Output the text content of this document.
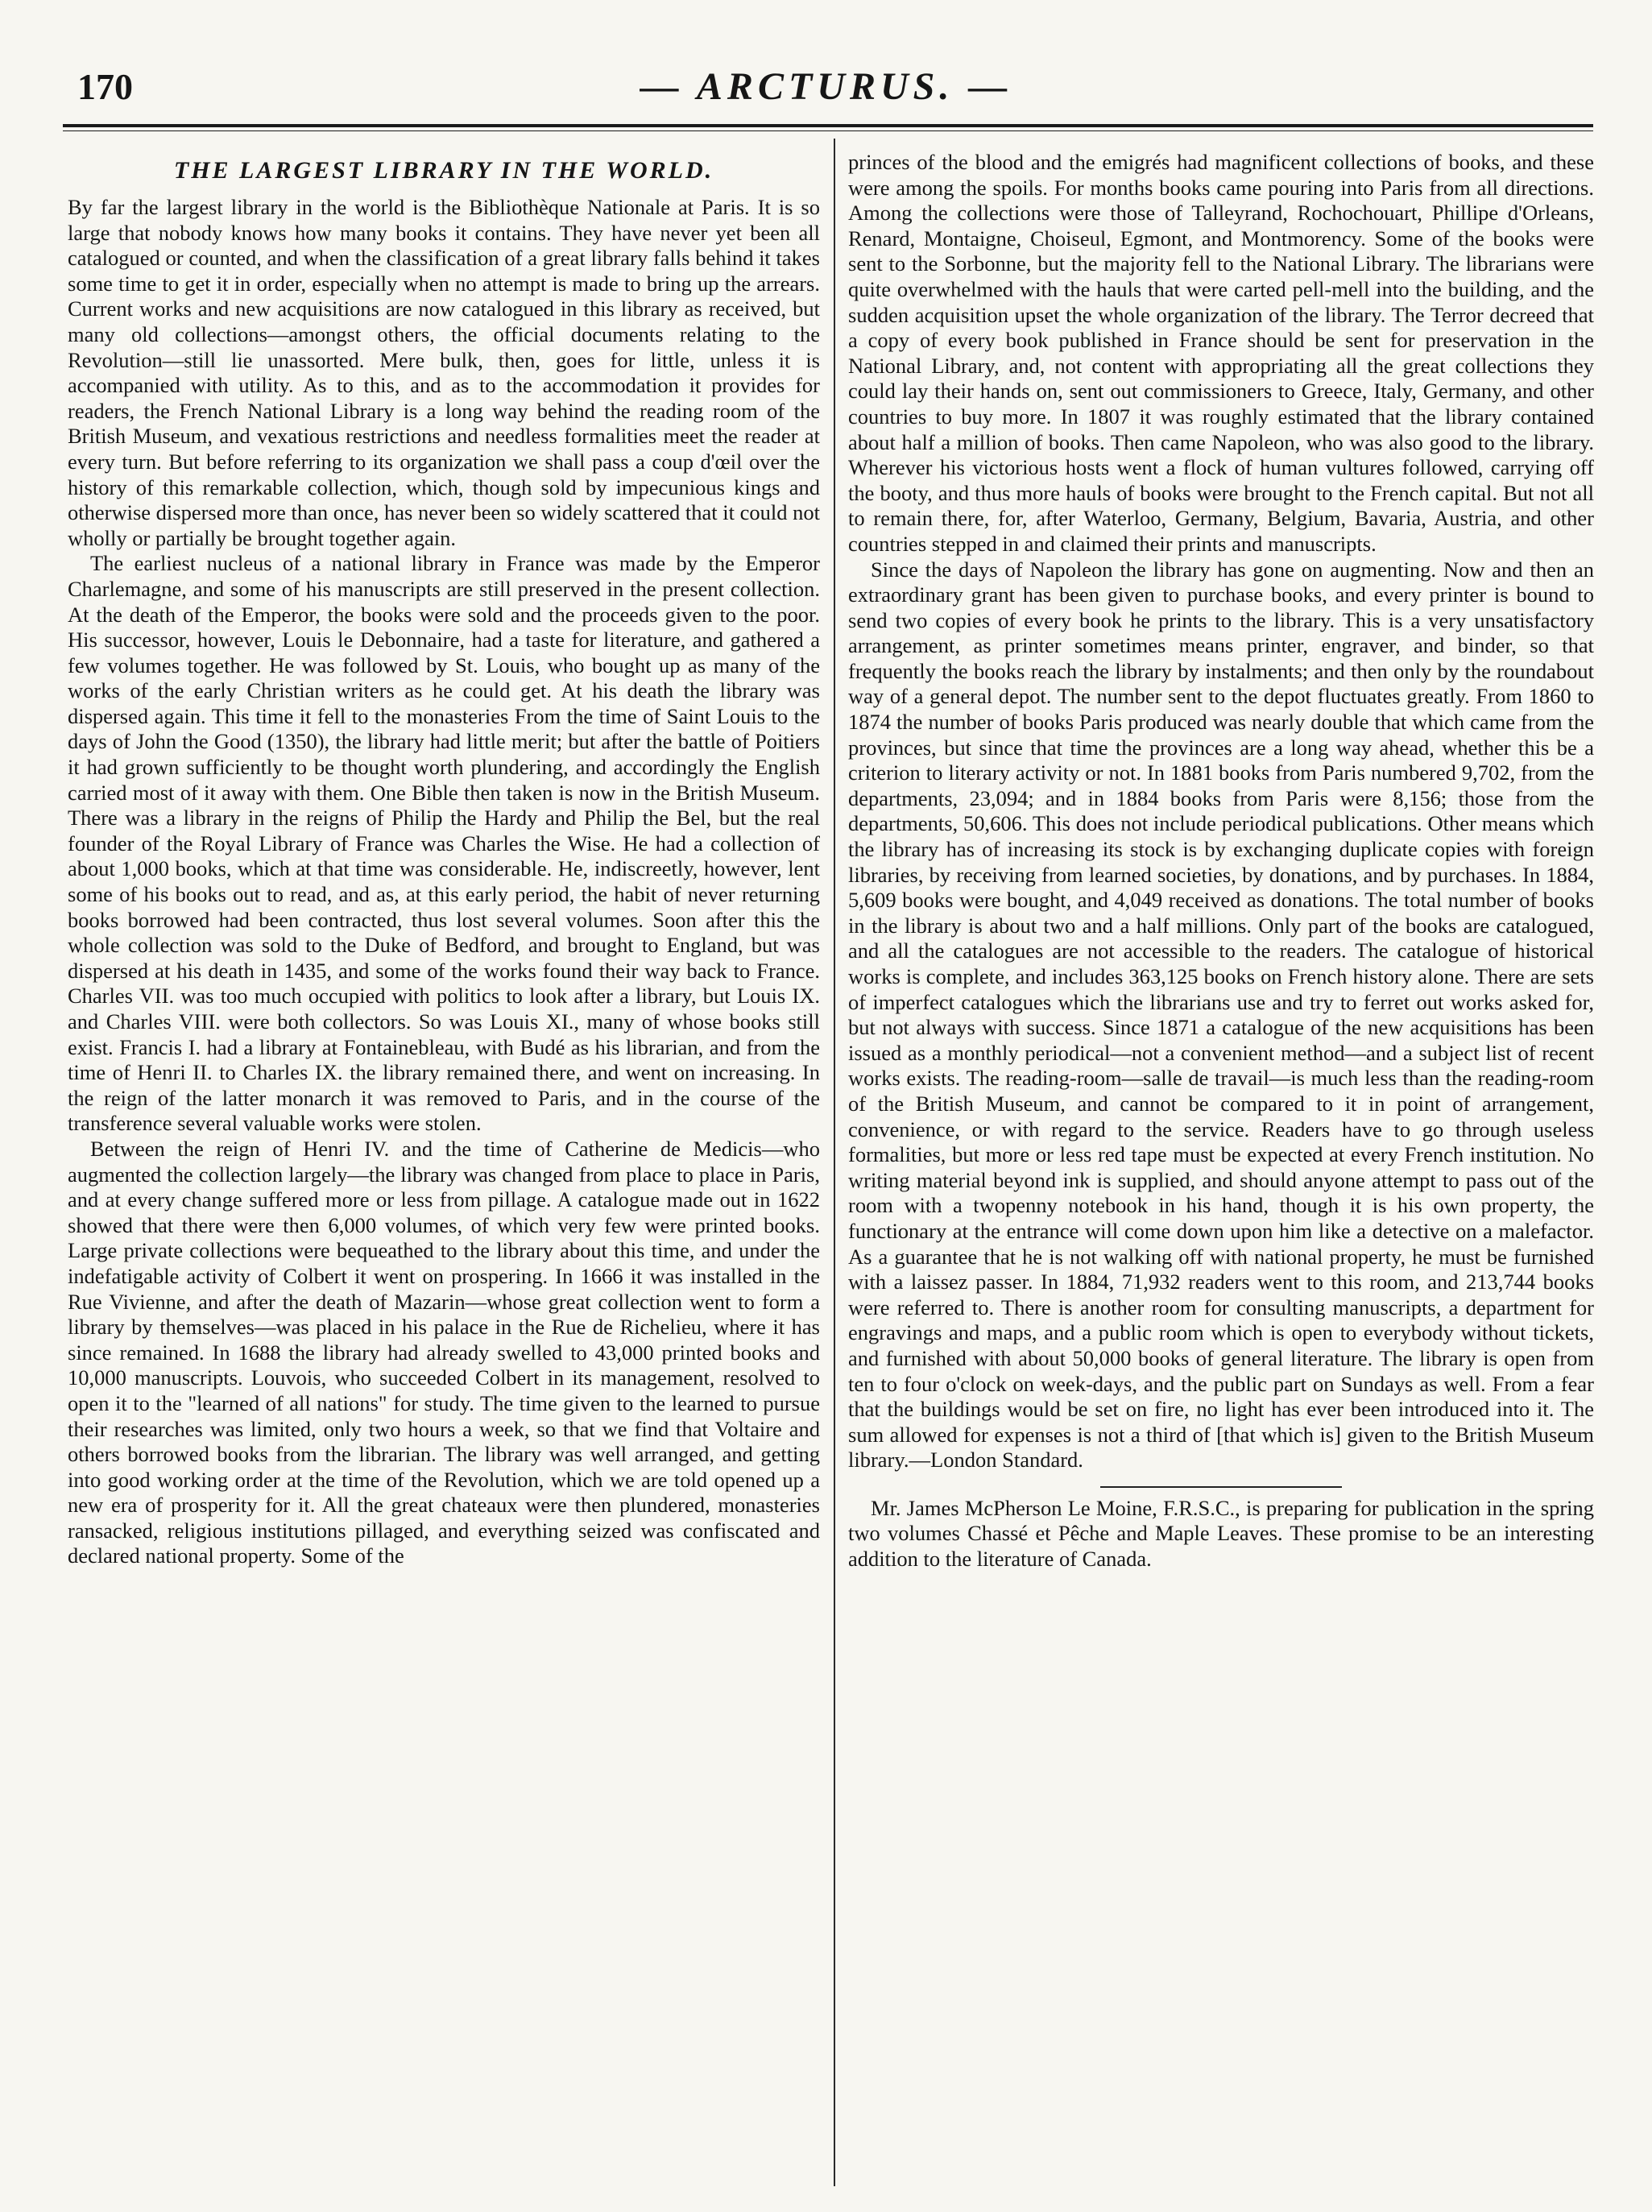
170	— ARCTURUS. —
THE LARGEST LIBRARY IN THE WORLD.

By far the largest library in the world is the Bibliothèque Nationale at Paris. It is so large that nobody knows how many books it contains. They have never yet been all catalogued or counted, and when the classification of a great library falls behind it takes some time to get it in order, especially when no attempt is made to bring up the arrears. Current works and new acquisitions are now catalogued in this library as received, but many old collections—amongst others, the official documents relating to the Revolution—still lie unassorted. Mere bulk, then, goes for little, unless it is accompanied with utility. As to this, and as to the accommodation it provides for readers, the French National Library is a long way behind the reading room of the British Museum, and vexatious restrictions and needless formalities meet the reader at every turn. But before referring to its organization we shall pass a coup d'œil over the history of this remarkable collection, which, though sold by impecunious kings and otherwise dispersed more than once, has never been so widely scattered that it could not wholly or partially be brought together again.

The earliest nucleus of a national library in France was made by the Emperor Charlemagne, and some of his manuscripts are still preserved in the present collection. At the death of the Emperor, the books were sold and the proceeds given to the poor. His successor, however, Louis le Debonnaire, had a taste for literature, and gathered a few volumes together. He was followed by St. Louis, who bought up as many of the works of the early Christian writers as he could get. At his death the library was dispersed again. This time it fell to the monasteries From the time of Saint Louis to the days of John the Good (1350), the library had little merit; but after the battle of Poitiers it had grown sufficiently to be thought worth plundering, and accordingly the English carried most of it away with them. One Bible then taken is now in the British Museum. There was a library in the reigns of Philip the Hardy and Philip the Bel, but the real founder of the Royal Library of France was Charles the Wise. He had a collection of about 1,000 books, which at that time was considerable. He, indiscreetly, however, lent some of his books out to read, and as, at this early period, the habit of never returning books borrowed had been contracted, thus lost several volumes. Soon after this the whole collection was sold to the Duke of Bedford, and brought to England, but was dispersed at his death in 1435, and some of the works found their way back to France. Charles VII. was too much occupied with politics to look after a library, but Louis IX. and Charles VIII. were both collectors. So was Louis XI., many of whose books still exist. Francis I. had a library at Fontainebleau, with Budé as his librarian, and from the time of Henri II. to Charles IX. the library remained there, and went on increasing. In the reign of the latter monarch it was removed to Paris, and in the course of the transference several valuable works were stolen.

Between the reign of Henri IV. and the time of Catherine de Medicis—who augmented the collection largely—the library was changed from place to place in Paris, and at every change suffered more or less from pillage. A catalogue made out in 1622 showed that there were then 6,000 volumes, of which very few were printed books. Large private collections were bequeathed to the library about this time, and under the indefatigable activity of Colbert it went on prospering. In 1666 it was installed in the Rue Vivienne, and after the death of Mazarin—whose great collection went to form a library by themselves—was placed in his palace in the Rue de Richelieu, where it has since remained. In 1688 the library had already swelled to 43,000 printed books and 10,000 manuscripts. Louvois, who succeeded Colbert in its management, resolved to open it to the "learned of all nations" for study. The time given to the learned to pursue their researches was limited, only two hours a week, so that we find that Voltaire and others borrowed books from the librarian. The library was well arranged, and getting into good working order at the time of the Revolution, which we are told opened up a new era of prosperity for it. All the great chateaux were then plundered, monasteries ransacked, religious institutions pillaged, and everything seized was confiscated and declared national property. Some of the

princes of the blood and the emigrés had magnificent collections of books, and these were among the spoils. For months books came pouring into Paris from all directions. Among the collections were those of Talleyrand, Rochochouart, Phillipe d'Orleans, Renard, Montaigne, Choiseul, Egmont, and Montmorency. Some of the books were sent to the Sorbonne, but the majority fell to the National Library. The librarians were quite overwhelmed with the hauls that were carted pell-mell into the building, and the sudden acquisition upset the whole organization of the library. The Terror decreed that a copy of every book published in France should be sent for preservation in the National Library, and, not content with appropriating all the great collections they could lay their hands on, sent out commissioners to Greece, Italy, Germany, and other countries to buy more. In 1807 it was roughly estimated that the library contained about half a million of books. Then came Napoleon, who was also good to the library. Wherever his victorious hosts went a flock of human vultures followed, carrying off the booty, and thus more hauls of books were brought to the French capital. But not all to remain there, for, after Waterloo, Germany, Belgium, Bavaria, Austria, and other countries stepped in and claimed their prints and manuscripts.

Since the days of Napoleon the library has gone on augmenting. Now and then an extraordinary grant has been given to purchase books, and every printer is bound to send two copies of every book he prints to the library. This is a very unsatisfactory arrangement, as printer sometimes means printer, engraver, and binder, so that frequently the books reach the library by instalments; and then only by the roundabout way of a general depot. The number sent to the depot fluctuates greatly. From 1860 to 1874 the number of books Paris produced was nearly double that which came from the provinces, but since that time the provinces are a long way ahead, whether this be a criterion to literary activity or not. In 1881 books from Paris numbered 9,702, from the departments, 23,094; and in 1884 books from Paris were 8,156; those from the departments, 50,606. This does not include periodical publications. Other means which the library has of increasing its stock is by exchanging duplicate copies with foreign libraries, by receiving from learned societies, by donations, and by purchases. In 1884, 5,609 books were bought, and 4,049 received as donations. The total number of books in the library is about two and a half millions. Only part of the books are catalogued, and all the catalogues are not accessible to the readers. The catalogue of historical works is complete, and includes 363,125 books on French history alone. There are sets of imperfect catalogues which the librarians use and try to ferret out works asked for, but not always with success. Since 1871 a catalogue of the new acquisitions has been issued as a monthly periodical—not a convenient method—and a subject list of recent works exists. The reading-room—salle de travail—is much less than the reading-room of the British Museum, and cannot be compared to it in point of arrangement, convenience, or with regard to the service. Readers have to go through useless formalities, but more or less red tape must be expected at every French institution. No writing material beyond ink is supplied, and should anyone attempt to pass out of the room with a twopenny notebook in his hand, though it is his own property, the functionary at the entrance will come down upon him like a detective on a malefactor. As a guarantee that he is not walking off with national property, he must be furnished with a laissez passer. In 1884, 71,932 readers went to this room, and 213,744 books were referred to. There is another room for consulting manuscripts, a department for engravings and maps, and a public room which is open to everybody without tickets, and furnished with about 50,000 books of general literature. The library is open from ten to four o'clock on week-days, and the public part on Sundays as well. From a fear that the buildings would be set on fire, no light has ever been introduced into it. The sum allowed for expenses is not a third of [that which is] given to the British Museum library.—London Standard.

Mr. James McPherson Le Moine, F.R.S.C., is preparing for publication in the spring two volumes Chassé et Pêche and Maple Leaves. These promise to be an interesting addition to the literature of Canada.
